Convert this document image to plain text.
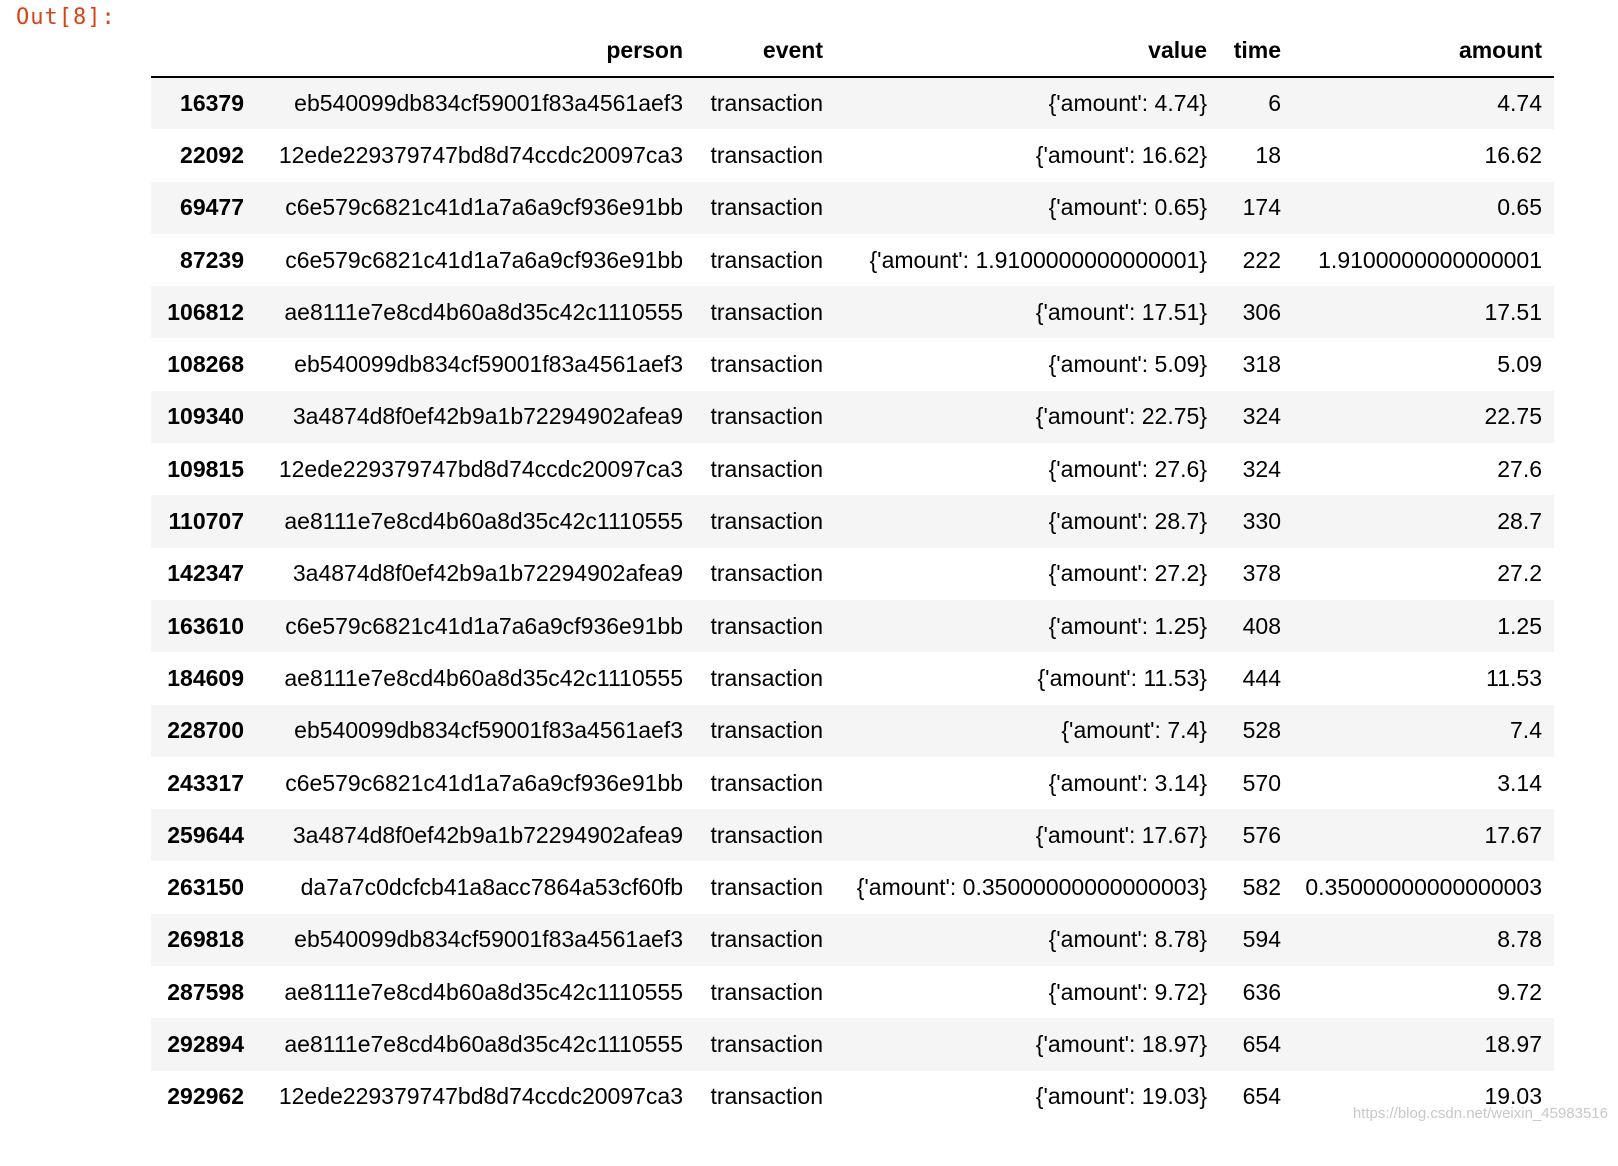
Out[8]:
	person	event	value	time	amount
16379	eb540099db834cf59001f83a4561aef3	transaction	{'amount': 4.74}	6	4.74
22092	12ede229379747bd8d74ccdc20097ca3	transaction	{'amount': 16.62}	18	16.62
69477	c6e579c6821c41d1a7a6a9cf936e91bb	transaction	{'amount': 0.65}	174	0.65
87239	c6e579c6821c41d1a7a6a9cf936e91bb	transaction	{'amount': 1.9100000000000001}	222	1.9100000000000001
106812	ae8111e7e8cd4b60a8d35c42c1110555	transaction	{'amount': 17.51}	306	17.51
108268	eb540099db834cf59001f83a4561aef3	transaction	{'amount': 5.09}	318	5.09
109340	3a4874d8f0ef42b9a1b72294902afea9	transaction	{'amount': 22.75}	324	22.75
109815	12ede229379747bd8d74ccdc20097ca3	transaction	{'amount': 27.6}	324	27.6
110707	ae8111e7e8cd4b60a8d35c42c1110555	transaction	{'amount': 28.7}	330	28.7
142347	3a4874d8f0ef42b9a1b72294902afea9	transaction	{'amount': 27.2}	378	27.2
163610	c6e579c6821c41d1a7a6a9cf936e91bb	transaction	{'amount': 1.25}	408	1.25
184609	ae8111e7e8cd4b60a8d35c42c1110555	transaction	{'amount': 11.53}	444	11.53
228700	eb540099db834cf59001f83a4561aef3	transaction	{'amount': 7.4}	528	7.4
243317	c6e579c6821c41d1a7a6a9cf936e91bb	transaction	{'amount': 3.14}	570	3.14
259644	3a4874d8f0ef42b9a1b72294902afea9	transaction	{'amount': 17.67}	576	17.67
263150	da7a7c0dcfcb41a8acc7864a53cf60fb	transaction	{'amount': 0.35000000000000003}	582	0.35000000000000003
269818	eb540099db834cf59001f83a4561aef3	transaction	{'amount': 8.78}	594	8.78
287598	ae8111e7e8cd4b60a8d35c42c1110555	transaction	{'amount': 9.72}	636	9.72
292894	ae8111e7e8cd4b60a8d35c42c1110555	transaction	{'amount': 18.97}	654	18.97
292962	12ede229379747bd8d74ccdc20097ca3	transaction	{'amount': 19.03}	654	19.03
https://blog.csdn.net/weixin_45983516
